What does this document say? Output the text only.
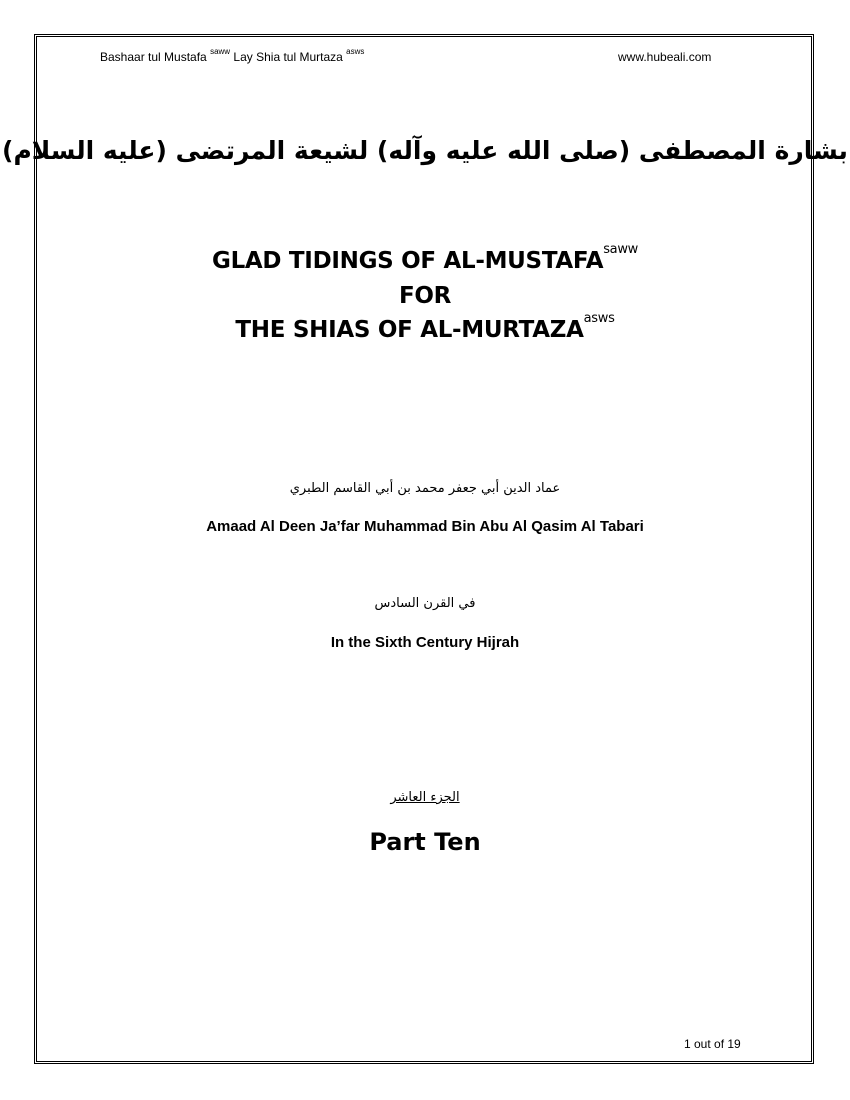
Bashaar tul Mustafa $^{saww}$ Lay Shia tul Murtaza $^{asws}$	www.hubeali.com
بشارة المصطفى (صلى الله عليه وآله) لشيعة المرتضى (عليه السلام)
GLAD TIDINGS OF $AL-MUSTAFA^{saww}$
FOR
THE SHIAS OF $AL-MURTAZA^{asws}$
عماد الدين أبي جعفر محمد بن أبي القاسم الطبري
Amaad Al Deen Ja’far Muhammad Bin Abu Al Qasim Al Tabari
في القرن السادس
In the Sixth Century Hijrah
الجزء العاشر
Part Ten
1 out of 19
